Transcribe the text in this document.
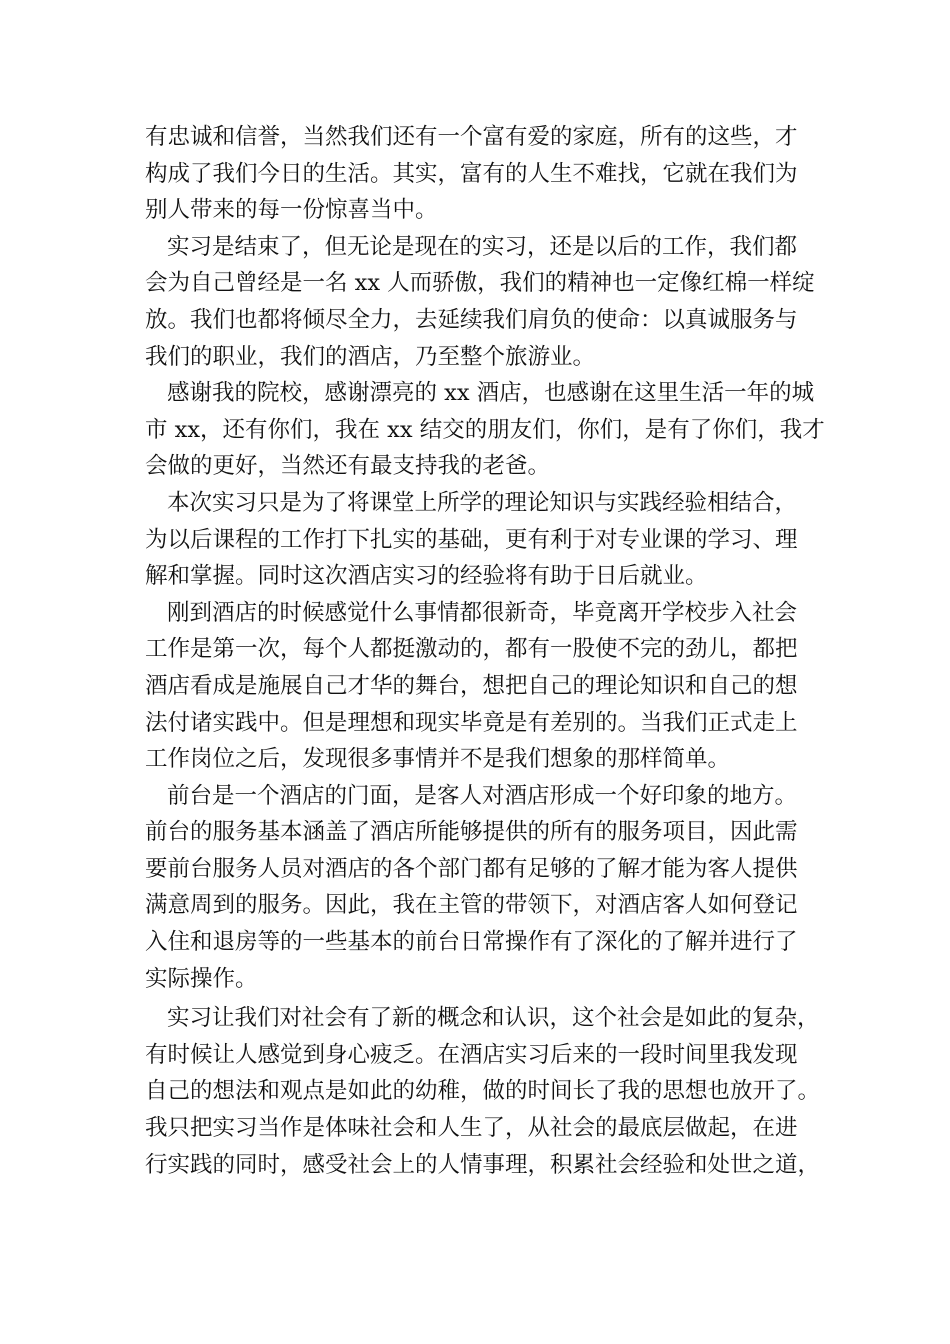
有忠诚和信誉，当然我们还有一个富有爱的家庭，所有的这些，才
构成了我们今日的生活。其实，富有的人生不难找，它就在我们为
别人带来的每一份惊喜当中。
实习是结束了，但无论是现在的实习，还是以后的工作，我们都
会为自己曾经是一名 xx 人而骄傲，我们的精神也一定像红棉一样绽
放。我们也都将倾尽全力，去延续我们肩负的使命：以真诚服务与
我们的职业，我们的酒店，乃至整个旅游业。
感谢我的院校，感谢漂亮的 xx 酒店，也感谢在这里生活一年的城
市 xx，还有你们，我在 xx 结交的朋友们，你们，是有了你们，我才
会做的更好，当然还有最支持我的老爸。
本次实习只是为了将课堂上所学的理论知识与实践经验相结合，
为以后课程的工作打下扎实的基础，更有利于对专业课的学习、理
解和掌握。同时这次酒店实习的经验将有助于日后就业。
刚到酒店的时候感觉什么事情都很新奇，毕竟离开学校步入社会
工作是第一次，每个人都挺激动的，都有一股使不完的劲儿，都把
酒店看成是施展自己才华的舞台，想把自己的理论知识和自己的想
法付诸实践中。但是理想和现实毕竟是有差别的。当我们正式走上
工作岗位之后，发现很多事情并不是我们想象的那样简单。
前台是一个酒店的门面，是客人对酒店形成一个好印象的地方。
前台的服务基本涵盖了酒店所能够提供的所有的服务项目，因此需
要前台服务人员对酒店的各个部门都有足够的了解才能为客人提供
满意周到的服务。因此，我在主管的带领下，对酒店客人如何登记
入住和退房等的一些基本的前台日常操作有了深化的了解并进行了
实际操作。
实习让我们对社会有了新的概念和认识，这个社会是如此的复杂，
有时候让人感觉到身心疲乏。在酒店实习后来的一段时间里我发现
自己的想法和观点是如此的幼稚，做的时间长了我的思想也放开了。
我只把实习当作是体味社会和人生了，从社会的最底层做起，在进
行实践的同时，感受社会上的人情事理，积累社会经验和处世之道，
